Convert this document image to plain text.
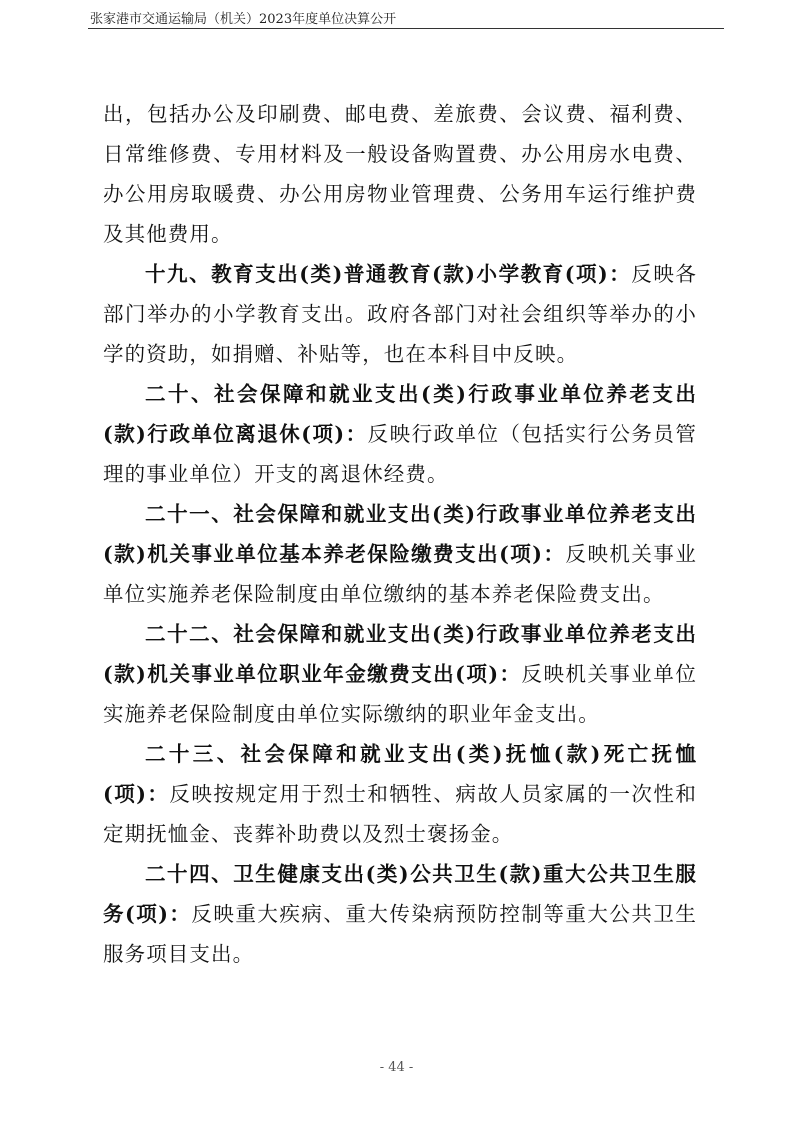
张家港市交通运输局（机关）2023年度单位决算公开

出，包括办公及印刷费、邮电费、差旅费、会议费、福利费、日常维修费、专用材料及一般设备购置费、办公用房水电费、办公用房取暖费、办公用房物业管理费、公务用车运行维护费及其他费用。

十九、教育支出(类)普通教育(款)小学教育(项)：反映各部门举办的小学教育支出。政府各部门对社会组织等举办的小学的资助，如捐赠、补贴等，也在本科目中反映。

二十、社会保障和就业支出(类)行政事业单位养老支出(款)行政单位离退休(项)：反映行政单位（包括实行公务员管理的事业单位）开支的离退休经费。

二十一、社会保障和就业支出(类)行政事业单位养老支出(款)机关事业单位基本养老保险缴费支出(项)：反映机关事业单位实施养老保险制度由单位缴纳的基本养老保险费支出。

二十二、社会保障和就业支出(类)行政事业单位养老支出(款)机关事业单位职业年金缴费支出(项)：反映机关事业单位实施养老保险制度由单位实际缴纳的职业年金支出。

二十三、社会保障和就业支出(类)抚恤(款)死亡抚恤(项)：反映按规定用于烈士和牺牲、病故人员家属的一次性和定期抚恤金、丧葬补助费以及烈士褒扬金。

二十四、卫生健康支出(类)公共卫生(款)重大公共卫生服务(项)：反映重大疾病、重大传染病预防控制等重大公共卫生服务项目支出。

- 44 -
